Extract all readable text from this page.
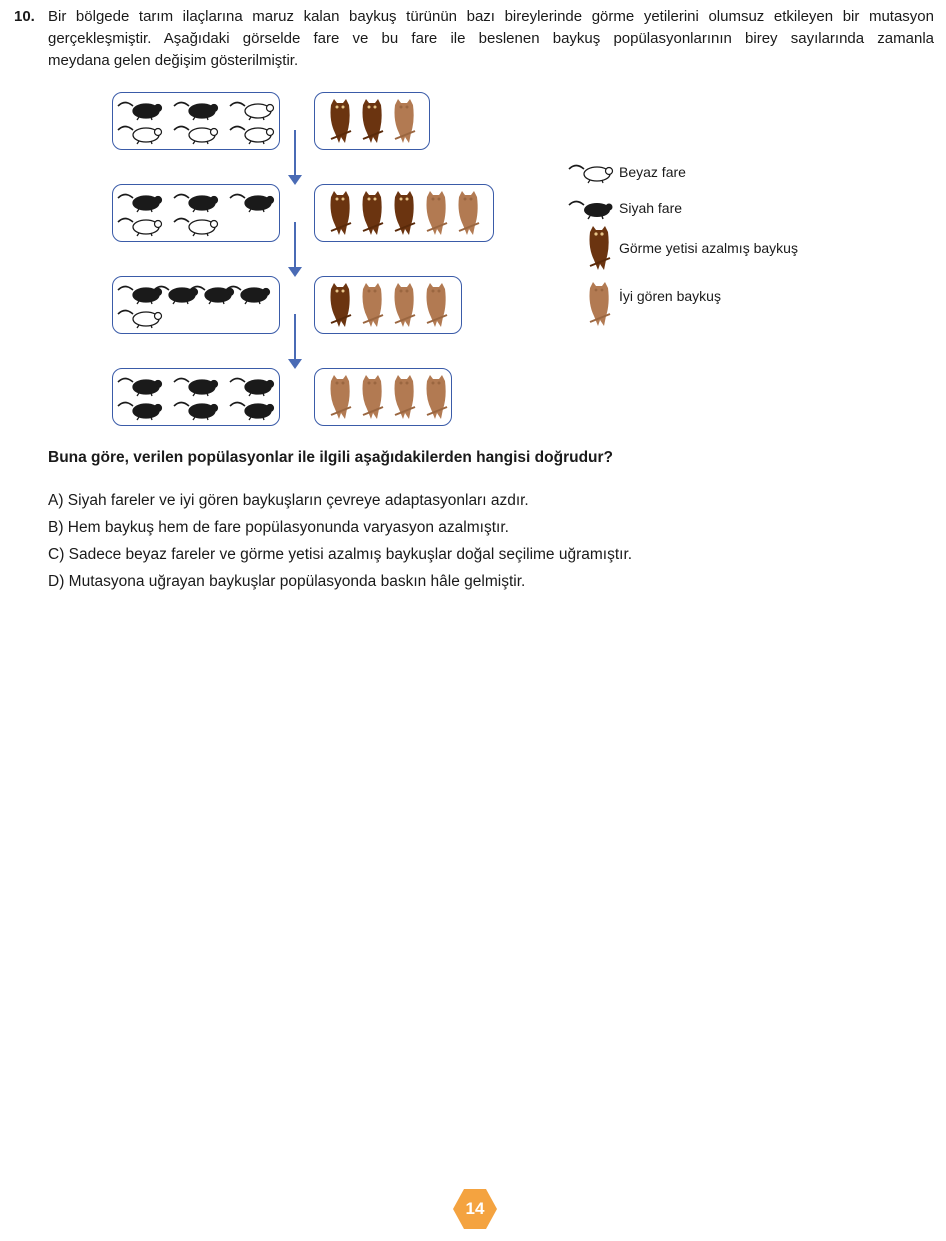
10. Bir bölgede tarım ilaçlarına maruz kalan baykuş türünün bazı bireylerinde görme yetilerini olumsuz etkileyen bir mutasyon
gerçekleşmiştir. Aşağıdaki görselde fare ve bu fare ile beslenen baykuş popülasyonlarının birey sayılarında zamanla
meydana gelen değişim gösterilmiştir.
Beyaz fare
Siyah fare
Görme yetisi azalmış baykuş
İyi gören baykuş
Buna göre, verilen popülasyonlar ile ilgili aşağıdakilerden hangisi doğrudur?
A) Siyah fareler ve iyi gören baykuşların çevreye adaptasyonları azdır.
B) Hem baykuş hem de fare popülasyonunda varyasyon azalmıştır.
C) Sadece beyaz fareler ve görme yetisi azalmış baykuşlar doğal seçilime uğramıştır.
D) Mutasyona uğrayan baykuşlar popülasyonda baskın hâle gelmiştir.
14
